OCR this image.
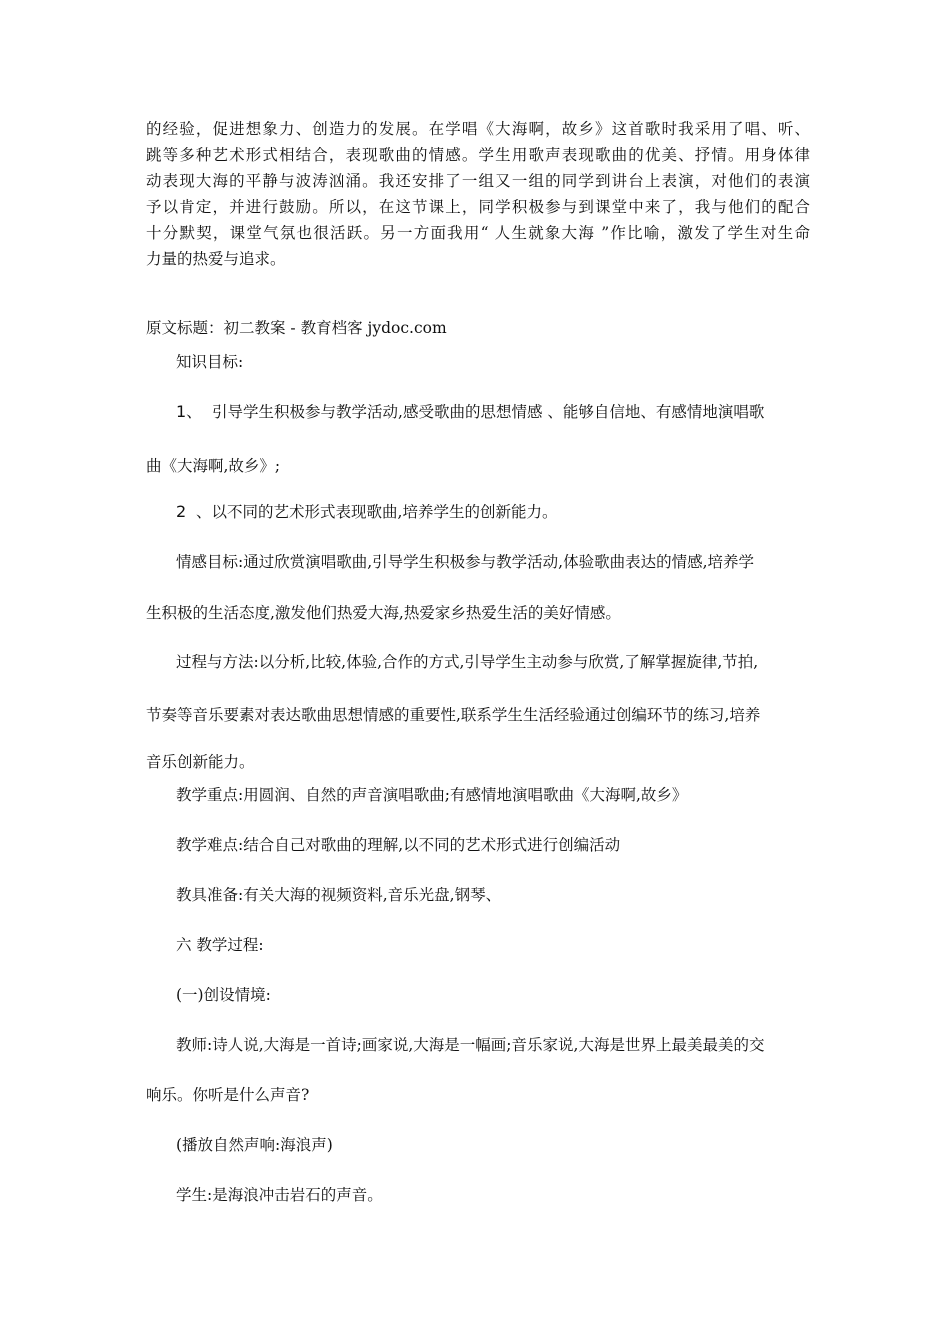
的经验，促进想象力、创造力的发展。在学唱《大海啊，故乡》这首歌时我采用了唱、听、
跳等多种艺术形式相结合，表现歌曲的情感。学生用歌声表现歌曲的优美、抒情。用身体律
动表现大海的平静与波涛汹涌。我还安排了一组又一组的同学到讲台上表演，对他们的表演
予以肯定，并进行鼓励。所以，在这节课上，同学积极参与到课堂中来了，我与他们的配合
十分默契，课堂气氛也很活跃。另一方面我用“ 人生就象大海 ”作比喻，激发了学生对生命
力量的热爱与追求。
原文标题：初二教案 - 教育档客 jydoc.com
知识目标:
1、 引导学生积极参与教学活动,感受歌曲的思想情感 、能够自信地、有感情地演唱歌
曲《大海啊,故乡》;
2 、以不同的艺术形式表现歌曲,培养学生的创新能力。
情感目标:通过欣赏演唱歌曲,引导学生积极参与教学活动,体验歌曲表达的情感,培养学
生积极的生活态度,激发他们热爱大海,热爱家乡热爱生活的美好情感。
过程与方法:以分析,比较,体验,合作的方式,引导学生主动参与欣赏,了解掌握旋律,节拍,
节奏等音乐要素对表达歌曲思想情感的重要性,联系学生生活经验通过创编环节的练习,培养
音乐创新能力。
教学重点:用圆润、自然的声音演唱歌曲;有感情地演唱歌曲《大海啊,故乡》
教学难点:结合自己对歌曲的理解,以不同的艺术形式进行创编活动
教具准备:有关大海的视频资料,音乐光盘,钢琴、
六 教学过程:
(一)创设情境:
教师:诗人说,大海是一首诗;画家说,大海是一幅画;音乐家说,大海是世界上最美最美的交
响乐。你听是什么声音?
(播放自然声响:海浪声)
学生:是海浪冲击岩石的声音。
